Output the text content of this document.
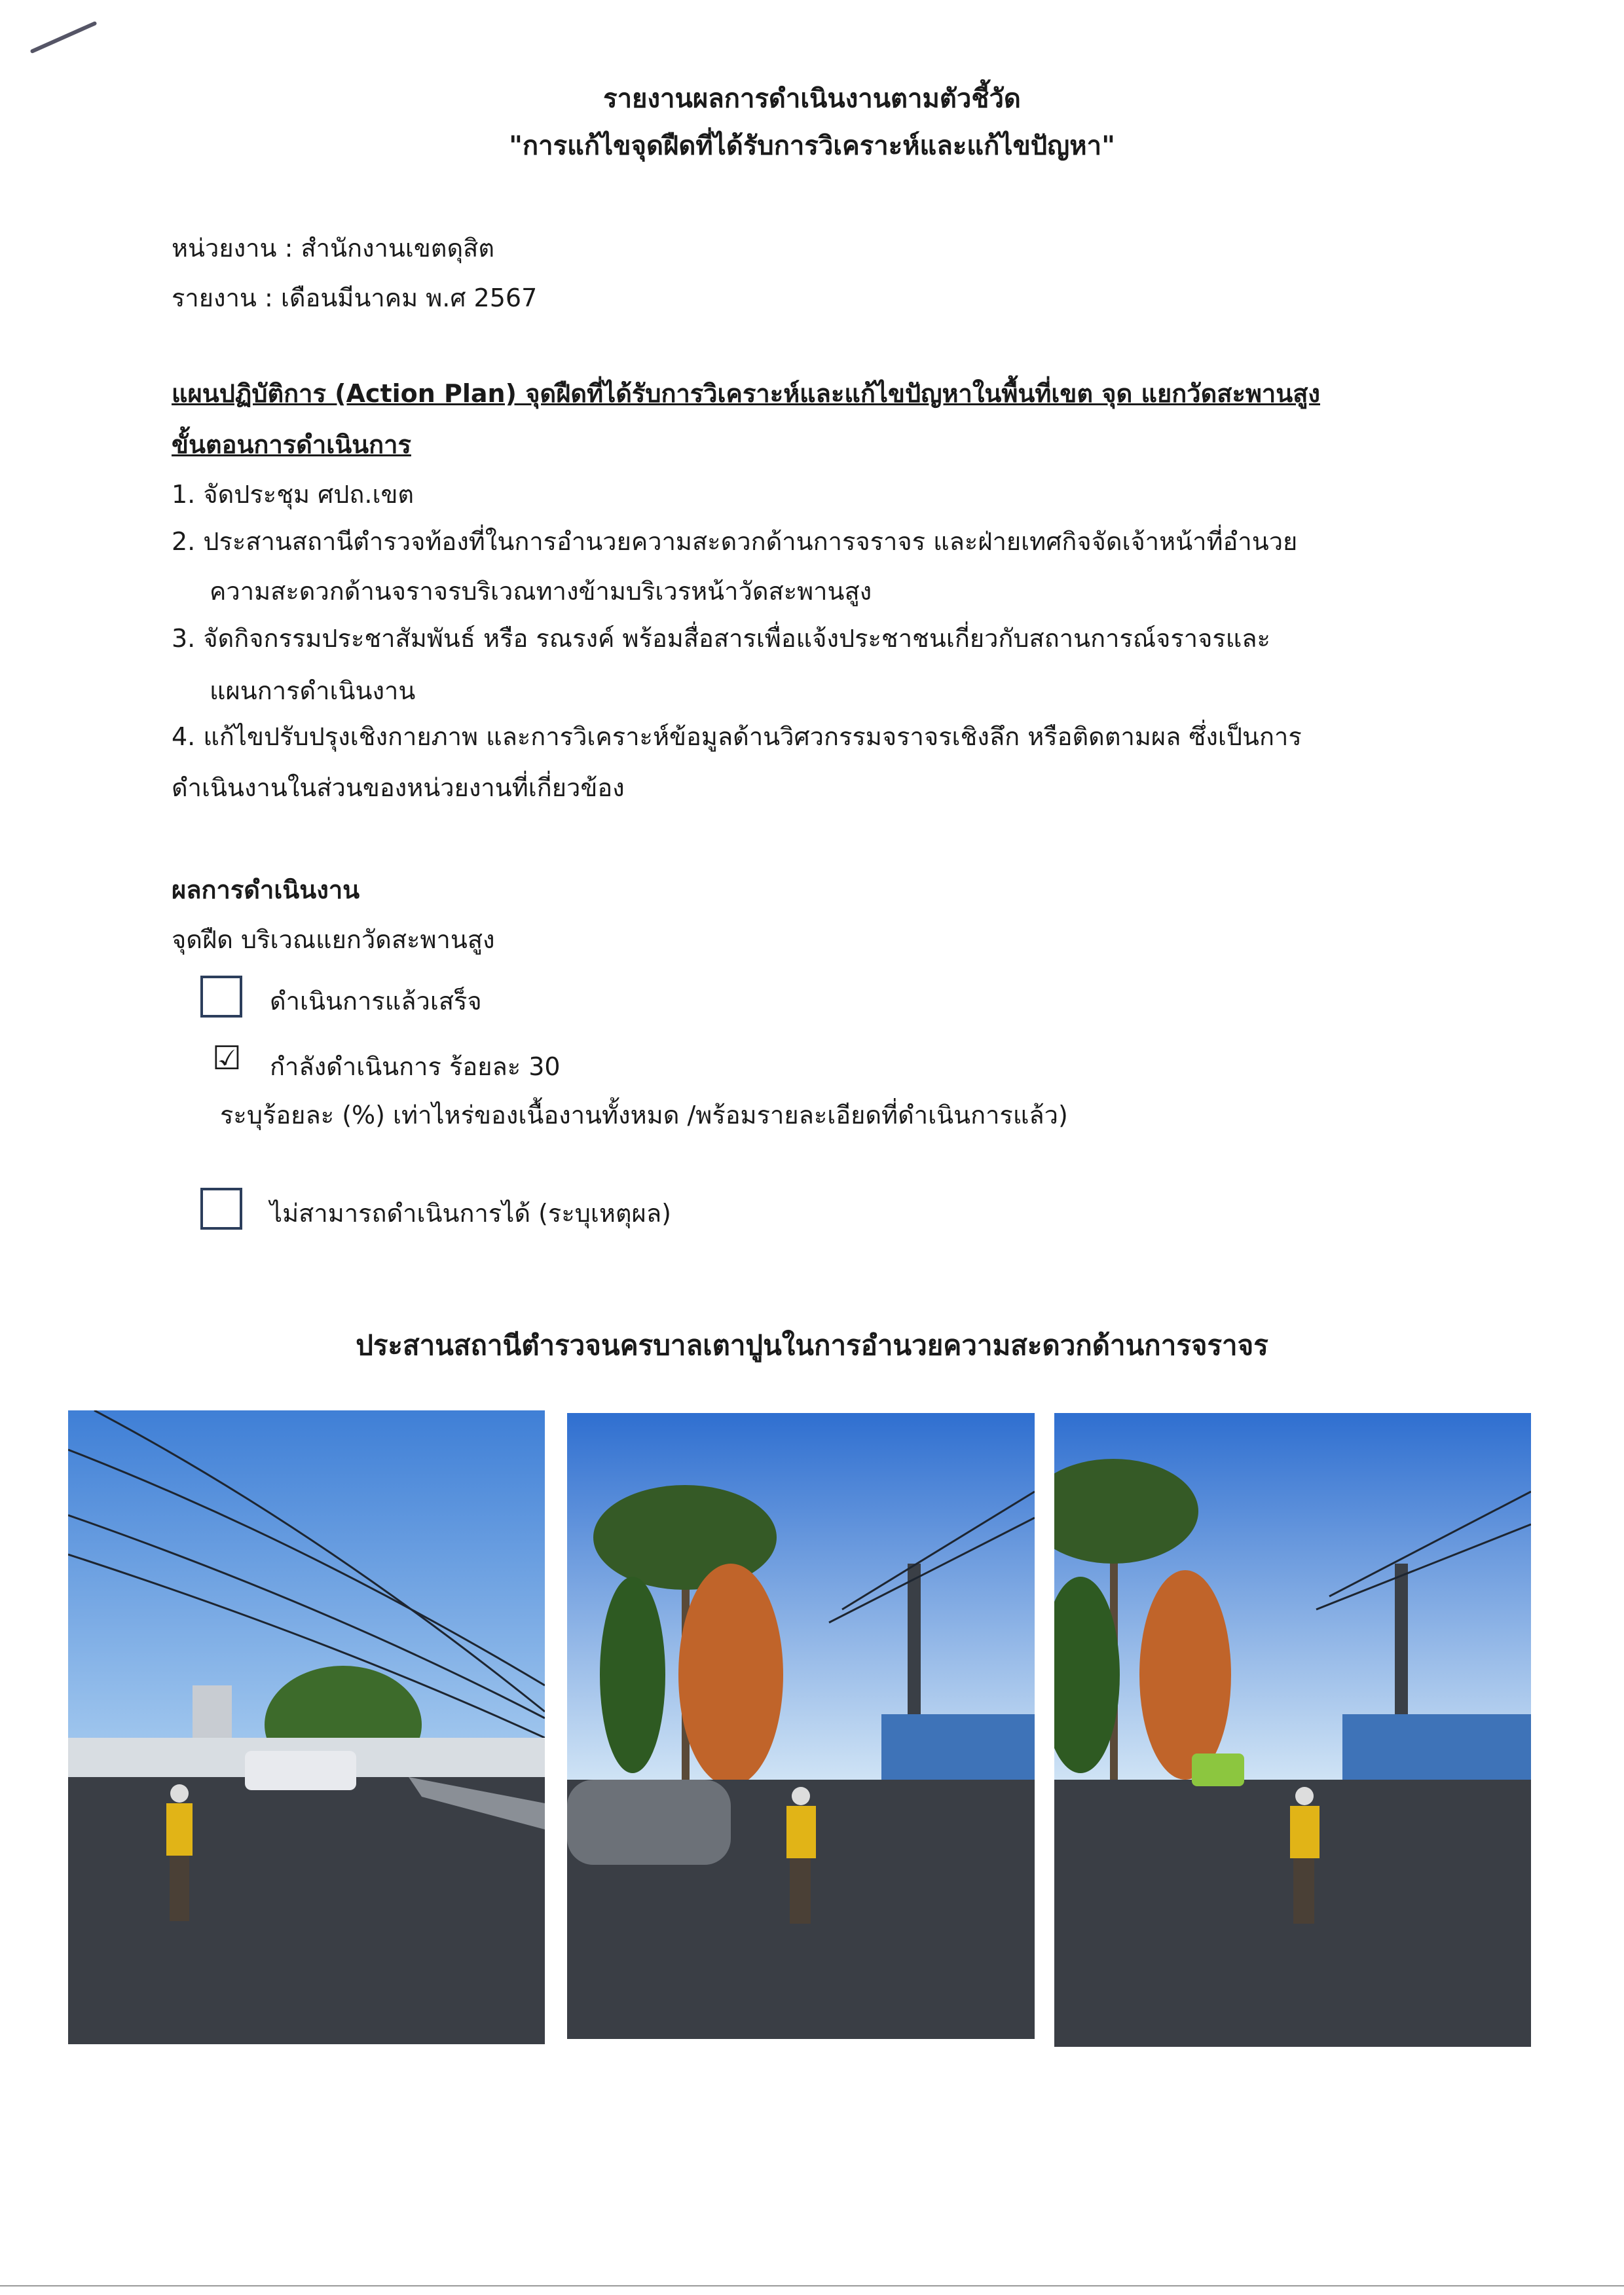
รายงานผลการดำเนินงานตามตัวชี้วัด
"การแก้ไขจุดฝืดที่ได้รับการวิเคราะห์และแก้ไขปัญหา"
หน่วยงาน : สำนักงานเขตดุสิต
รายงาน : เดือนมีนาคม พ.ศ 2567
แผนปฏิบัติการ (Action Plan) จุดฝืดที่ได้รับการวิเคราะห์และแก้ไขปัญหาในพื้นที่เขต จุด แยกวัดสะพานสูง
ขั้นตอนการดำเนินการ
1. จัดประชุม ศปถ.เขต
2. ประสานสถานีตำรวจท้องที่ในการอำนวยความสะดวกด้านการจราจร และฝ่ายเทศกิจจัดเจ้าหน้าที่อำนวย
ความสะดวกด้านจราจรบริเวณทางข้ามบริเวรหน้าวัดสะพานสูง
3. จัดกิจกรรมประชาสัมพันธ์ หรือ รณรงค์ พร้อมสื่อสารเพื่อแจ้งประชาชนเกี่ยวกับสถานการณ์จราจรและ
แผนการดำเนินงาน
4. แก้ไขปรับปรุงเชิงกายภาพ และการวิเคราะห์ข้อมูลด้านวิศวกรรมจราจรเชิงลึก หรือติดตามผล ซึ่งเป็นการ
ดำเนินงานในส่วนของหน่วยงานที่เกี่ยวข้อง
ผลการดำเนินงาน
จุดฝืด บริเวณแยกวัดสะพานสูง
ดำเนินการแล้วเสร็จ
☑ กำลังดำเนินการ ร้อยละ 30
ระบุร้อยละ (%) เท่าไหร่ของเนื้องานทั้งหมด /พร้อมรายละเอียดที่ดำเนินการแล้ว)
ไม่สามารถดำเนินการได้ (ระบุเหตุผล)
ประสานสถานีตำรวจนครบาลเตาปูนในการอำนวยความสะดวกด้านการจราจร
